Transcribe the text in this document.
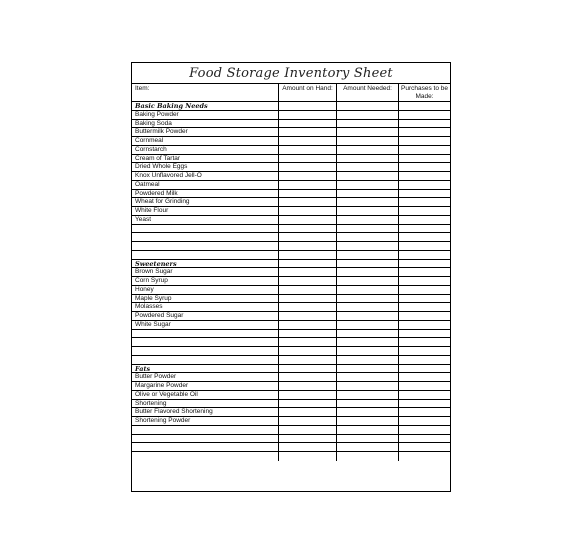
Food Storage Inventory Sheet
Item:	Amount on Hand:	Amount Needed:	Purchases to be Made:
Basic Baking Needs
Baking Powder
Baking Soda
Buttermilk Powder
Cornmeal
Cornstarch
Cream of Tartar
Dried Whole Eggs
Knox Unflavored Jell-O
Oatmeal
Powdered Milk
Wheat for Grinding
White Flour
Yeast
Sweeteners
Brown Sugar
Corn Syrup
Honey
Maple Syrup
Molasses
Powdered Sugar
White Sugar
Fats
Butter Powder
Margarine Powder
Olive or Vegetable Oil
Shortening
Butter Flavored Shortening
Shortening Powder
